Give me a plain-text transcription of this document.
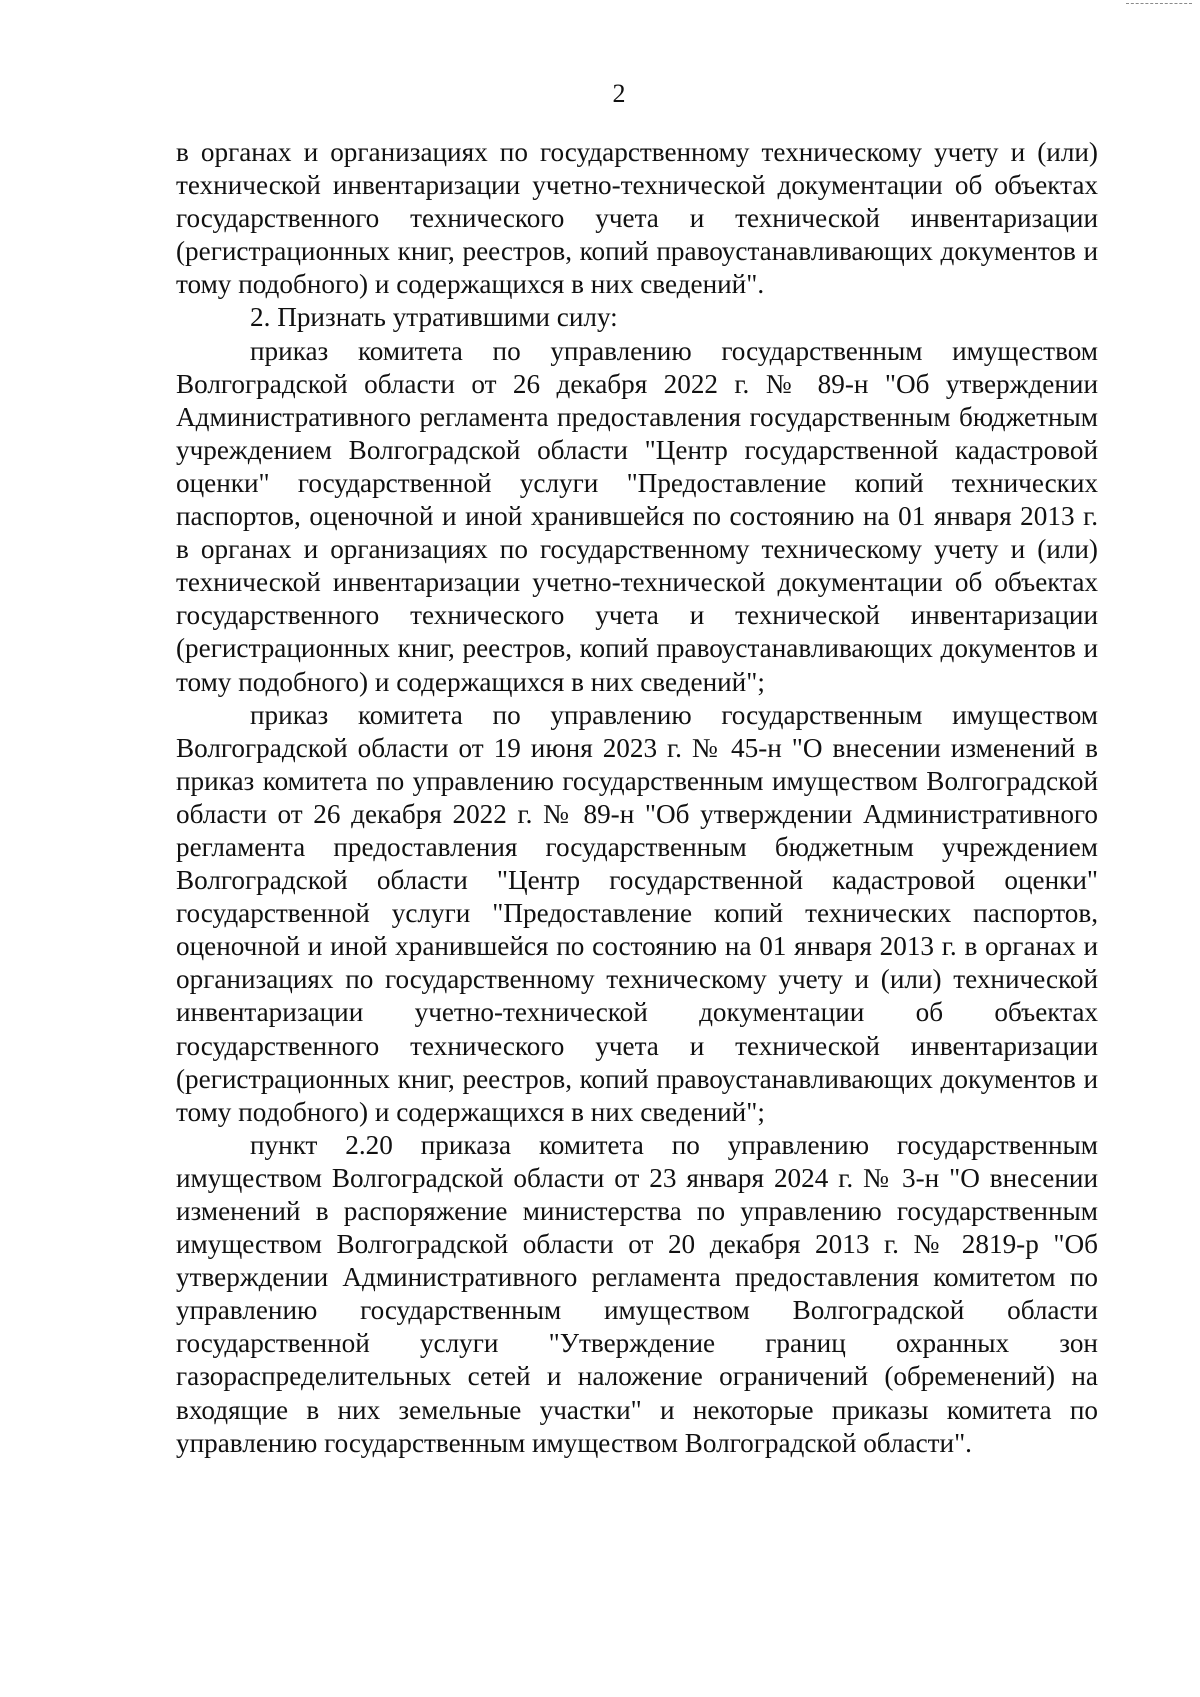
2

в органах и организациях по государственному техническому учету и (или) технической инвентаризации учетно-технической документации об объектах государственного технического учета и технической инвентаризации (регистрационных книг, реестров, копий правоустанавливающих документов и тому подобного) и содержащихся в них сведений".

2. Признать утратившими силу:

приказ комитета по управлению государственным имуществом Волгоградской области от 26 декабря 2022 г. № 89-н "Об утверждении Административного регламента предоставления государственным бюджетным учреждением Волгоградской области "Центр государственной кадастровой оценки" государственной услуги "Предоставление копий технических паспортов, оценочной и иной хранившейся по состоянию на 01 января 2013 г. в органах и организациях по государственному техническому учету и (или) технической инвентаризации учетно-технической документации об объектах государственного технического учета и технической инвентаризации (регистрационных книг, реестров, копий правоустанавливающих документов и тому подобного) и содержащихся в них сведений";

приказ комитета по управлению государственным имуществом Волгоградской области от 19 июня 2023 г. № 45-н "О внесении изменений в приказ комитета по управлению государственным имуществом Волгоградской области от 26 декабря 2022 г. № 89-н "Об утверждении Административного регламента предоставления государственным бюджетным учреждением Волгоградской области "Центр государственной кадастровой оценки" государственной услуги "Предоставление копий технических паспортов, оценочной и иной хранившейся по состоянию на 01 января 2013 г. в органах и организациях по государственному техническому учету и (или) технической инвентаризации учетно-технической документации об объектах государственного технического учета и технической инвентаризации (регистрационных книг, реестров, копий правоустанавливающих документов и тому подобного) и содержащихся в них сведений";

пункт 2.20 приказа комитета по управлению государственным имуществом Волгоградской области от 23 января 2024 г. № 3-н "О внесении изменений в распоряжение министерства по управлению государственным имуществом Волгоградской области от 20 декабря 2013 г. № 2819-р "Об утверждении Административного регламента предоставления комитетом по управлению государственным имуществом Волгоградской области государственной услуги "Утверждение границ охранных зон газораспределительных сетей и наложение ограничений (обременений) на входящие в них земельные участки" и некоторые приказы комитета по управлению государственным имуществом Волгоградской области".
